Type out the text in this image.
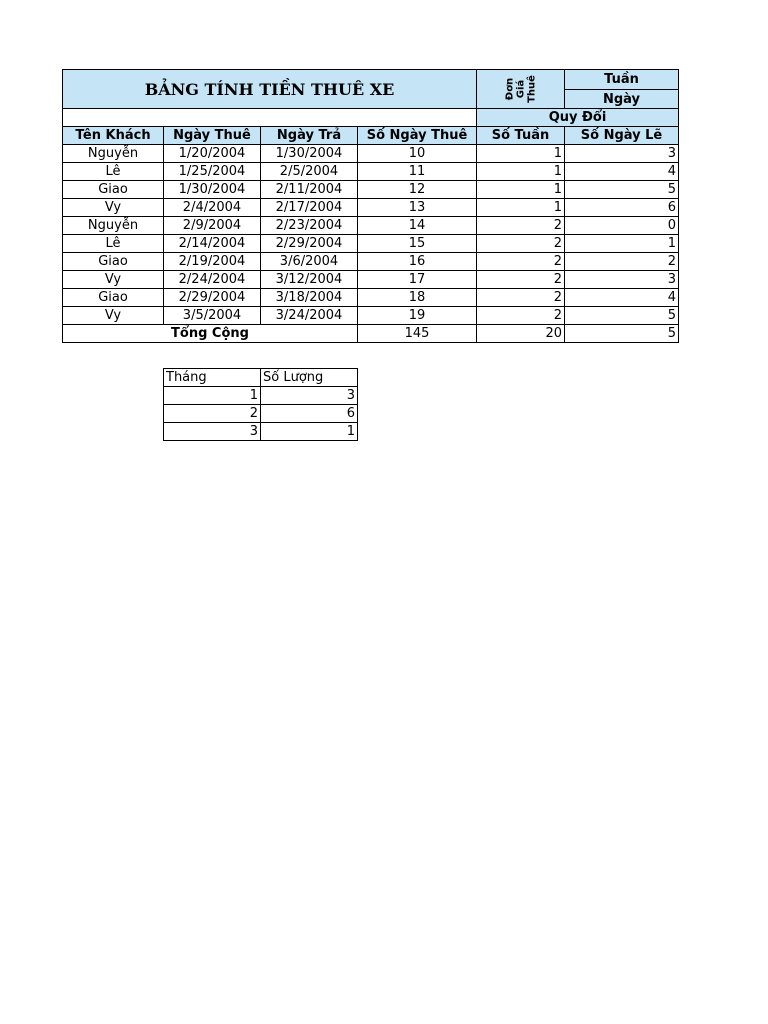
BẢNG TÍNH TIỀN THUÊ XE				Đơn Giá Thuê	Tuần
					Ngày
				Quy Đổi	
Tên Khách	Ngày Thuê	Ngày Trả	Số Ngày Thuê	Số Tuần	Số Ngày Lẽ
Nguyễn	1/20/2004	1/30/2004	10	1	3
Lê	1/25/2004	2/5/2004	11	1	4
Giao	1/30/2004	2/11/2004	12	1	5
Vy	2/4/2004	2/17/2004	13	1	6
Nguyễn	2/9/2004	2/23/2004	14	2	0
Lê	2/14/2004	2/29/2004	15	2	1
Giao	2/19/2004	3/6/2004	16	2	2
Vy	2/24/2004	3/12/2004	17	2	3
Giao	2/29/2004	3/18/2004	18	2	4
Vy	3/5/2004	3/24/2004	19	2	5
Tổng Cộng			145	20	5
Tháng	Số Lượng
1	3
2	6
3	1
